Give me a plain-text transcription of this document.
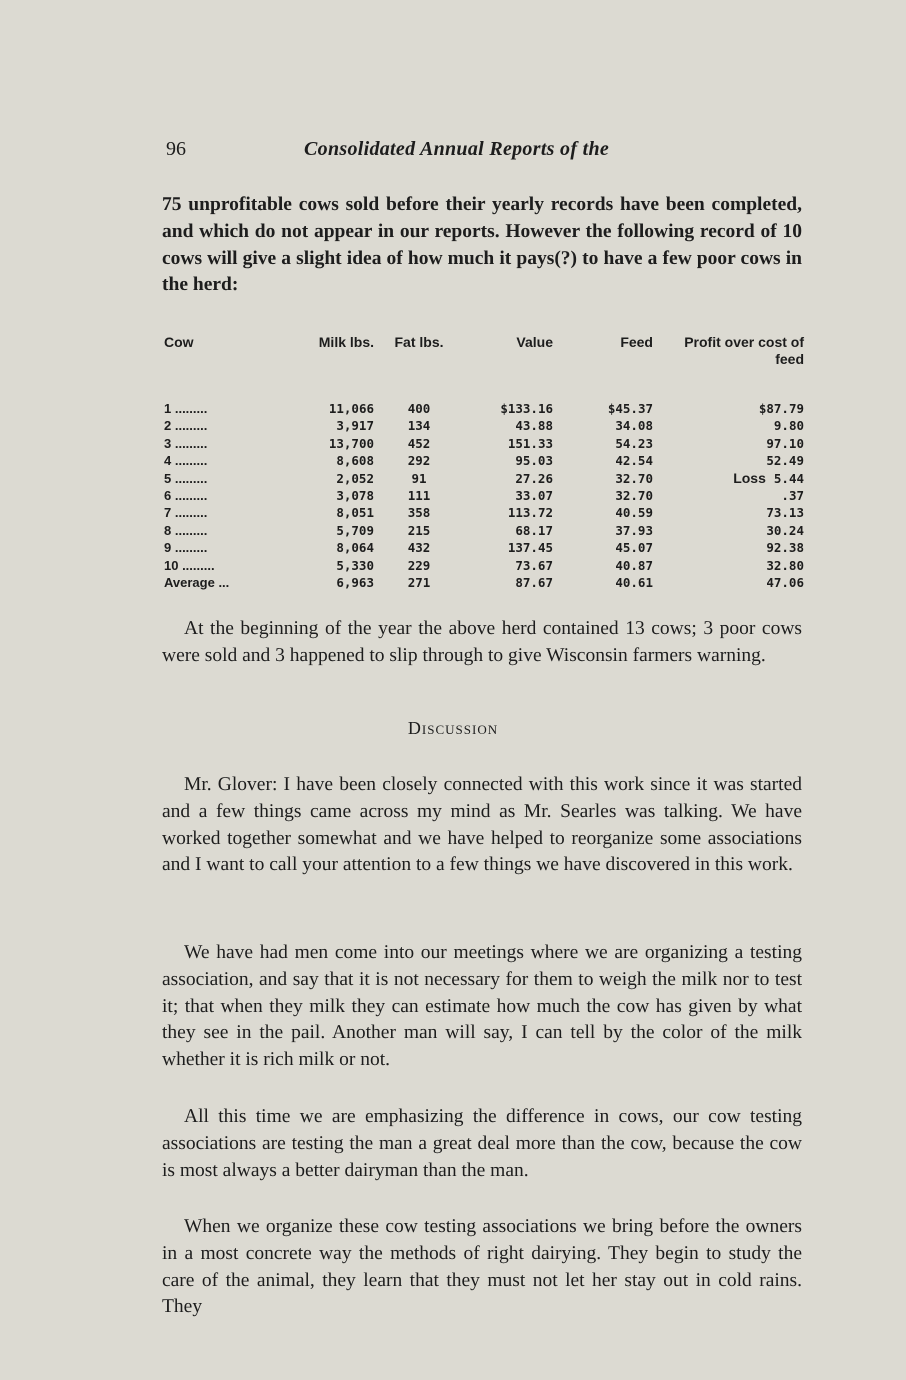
96	Consolidated Annual Reports of the

75 unprofitable cows sold before their yearly records have been completed, and which do not appear in our reports. However the following record of 10 cows will give a slight idea of how much it pays(?) to have a few poor cows in the herd:

Cow	Milk lbs.	Fat lbs.	Value	Feed	Profit over cost of feed
1 .........	11,066	400	$133.16	$45.37	$87.79
2 .........	3,917	134	43.88	34.08	9.80
3 .........	13,700	452	151.33	54.23	97.10
4 .........	8,608	292	95.03	42.54	52.49
5 .........	2,052	91	27.26	32.70	Loss 5.44
6 .........	3,078	111	33.07	32.70	.37
7 .........	8,051	358	113.72	40.59	73.13
8 .........	5,709	215	68.17	37.93	30.24
9 .........	8,064	432	137.45	45.07	92.38
10 .........	5,330	229	73.67	40.87	32.80
Average ...	6,963	271	87.67	40.61	47.06

At the beginning of the year the above herd contained 13 cows; 3 poor cows were sold and 3 happened to slip through to give Wisconsin farmers warning.

Discussion

Mr. Glover: I have been closely connected with this work since it was started and a few things came across my mind as Mr. Searles was talking. We have worked together somewhat and we have helped to reorganize some associations and I want to call your attention to a few things we have discovered in this work.

We have had men come into our meetings where we are organizing a testing association, and say that it is not necessary for them to weigh the milk nor to test it; that when they milk they can estimate how much the cow has given by what they see in the pail. Another man will say, I can tell by the color of the milk whether it is rich milk or not.

All this time we are emphasizing the difference in cows, our cow testing associations are testing the man a great deal more than the cow, because the cow is most always a better dairyman than the man.

When we organize these cow testing associations we bring before the owners in a most concrete way the methods of right dairying. They begin to study the care of the animal, they learn that they must not let her stay out in cold rains. They
